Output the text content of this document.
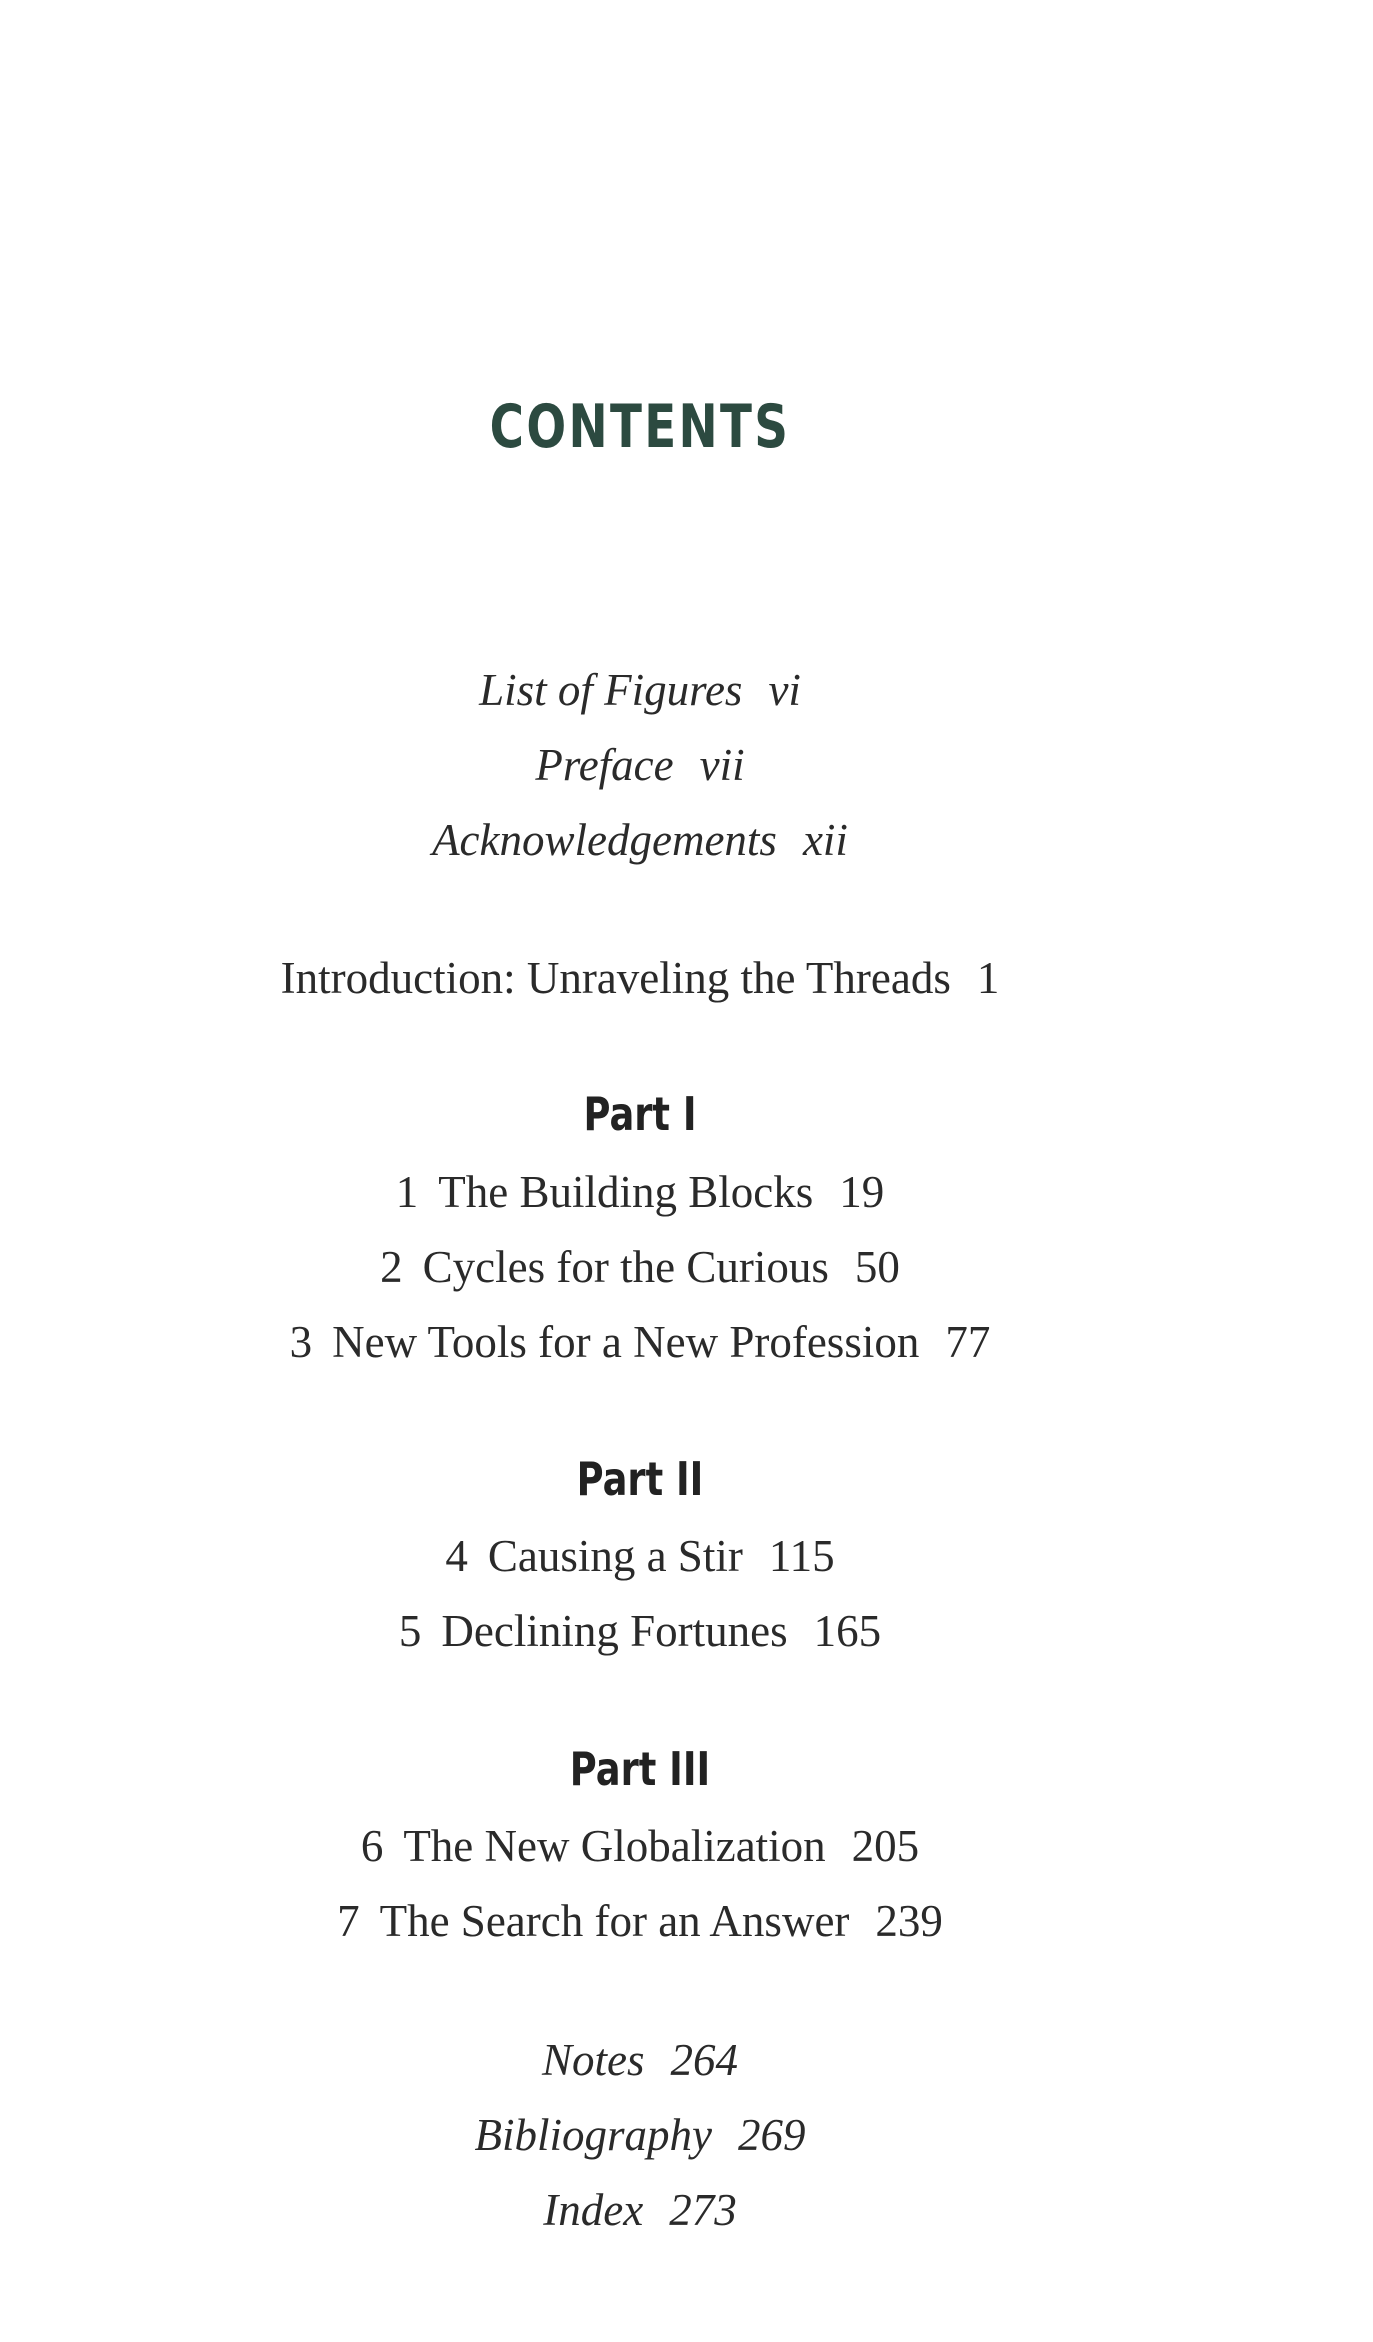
CONTENTS
List of Figures vi
Preface vii
Acknowledgements xii
Introduction: Unraveling the Threads 1
Part I
1 The Building Blocks 19
2 Cycles for the Curious 50
3 New Tools for a New Profession 77
Part II
4 Causing a Stir 115
5 Declining Fortunes 165
Part III
6 The New Globalization 205
7 The Search for an Answer 239
Notes 264
Bibliography 269
Index 273
